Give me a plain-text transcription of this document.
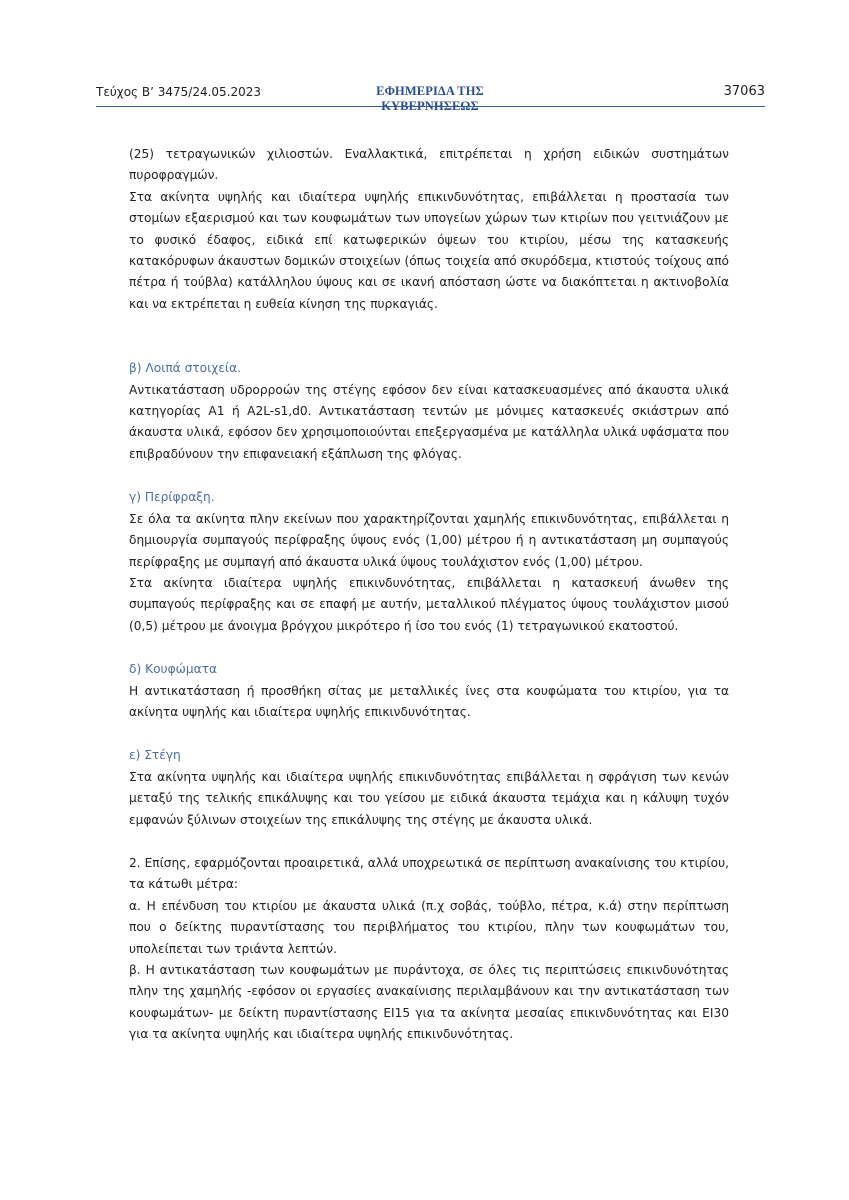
Τεύχος Β’ 3475/24.05.2023	ΕΦΗΜΕΡΙΔΑ ΤΗΣ ΚΥΒΕΡΝΗΣΕΩΣ
37063

(25) τετραγωνικών χιλιοστών. Εναλλακτικά, επιτρέπεται η χρήση ειδικών συστημάτων πυροφραγμών.

Στα ακίνητα υψηλής και ιδιαίτερα υψηλής επικινδυνότητας, επιβάλλεται η προστασία των στομίων εξαερισμού και των κουφωμάτων των υπογείων χώρων των κτιρίων που γειτνιάζουν με το φυσικό έδαφος, ειδικά επί κατωφερικών όψεων του κτιρίου, μέσω της κατασκευής κατακόρυφων άκαυστων δομικών στοιχείων (όπως τοιχεία από σκυρόδεμα, κτιστούς τοίχους από πέτρα ή τούβλα) κατάλληλου ύψους και σε ικανή απόσταση ώστε να διακόπτεται η ακτινοβολία και να εκτρέπεται η ευθεία κίνηση της πυρκαγιάς.

β) Λοιπά στοιχεία.

Αντικατάσταση υδρορροών της στέγης εφόσον δεν είναι κατασκευασμένες από άκαυστα υλικά κατηγορίας A1 ή A2L-s1,d0. Αντικατάσταση τεντών με μόνιμες κατασκευές σκιάστρων από άκαυστα υλικά, εφόσον δεν χρησιμοποιούνται επεξεργασμένα με κατάλληλα υλικά υφάσματα που επιβραδύνουν την επιφανειακή εξάπλωση της φλόγας.

γ) Περίφραξη.

Σε όλα τα ακίνητα πλην εκείνων που χαρακτηρίζονται χαμηλής επικινδυνότητας, επιβάλλεται η δημιουργία συμπαγούς περίφραξης ύψους ενός (1,00) μέτρου ή η αντικατάσταση μη συμπαγούς περίφραξης με συμπαγή από άκαυστα υλικά ύψους τουλάχιστον ενός (1,00) μέτρου.

Στα ακίνητα ιδιαίτερα υψηλής επικινδυνότητας, επιβάλλεται η κατασκευή άνωθεν της συμπαγούς περίφραξης και σε επαφή με αυτήν, μεταλλικού πλέγματος ύψους τουλάχιστον μισού (0,5) μέτρου με άνοιγμα βρόγχου μικρότερο ή ίσο του ενός (1) τετραγωνικού εκατοστού.

δ) Κουφώματα

Η αντικατάσταση ή προσθήκη σίτας με μεταλλικές ίνες στα κουφώματα του κτιρίου, για τα ακίνητα υψηλής και ιδιαίτερα υψηλής επικινδυνότητας.

ε) Στέγη

Στα ακίνητα υψηλής και ιδιαίτερα υψηλής επικινδυνότητας επιβάλλεται η σφράγιση των κενών μεταξύ της τελικής επικάλυψης και του γείσου με ειδικά άκαυστα τεμάχια και η κάλυψη τυχόν εμφανών ξύλινων στοιχείων της επικάλυψης της στέγης με άκαυστα υλικά.

2. Επίσης, εφαρμόζονται προαιρετικά, αλλά υποχρεωτικά σε περίπτωση ανακαίνισης του κτιρίου, τα κάτωθι μέτρα:

α. Η επένδυση του κτιρίου με άκαυστα υλικά (π.χ σοβάς, τούβλο, πέτρα, κ.ά) στην περίπτωση που ο δείκτης πυραντίστασης του περιβλήματος του κτιρίου, πλην των κουφωμάτων του, υπολείπεται των τριάντα λεπτών.

β. Η αντικατάσταση των κουφωμάτων με πυράντοχα, σε όλες τις περιπτώσεις επικινδυνότητας πλην της χαμηλής -εφόσον οι εργασίες ανακαίνισης περιλαμβάνουν και την αντικατάσταση των κουφωμάτων- με δείκτη πυραντίστασης ΕΙ15 για τα ακίνητα μεσαίας επικινδυνότητας και ΕΙ30 για τα ακίνητα υψηλής και ιδιαίτερα υψηλής επικινδυνότητας.
